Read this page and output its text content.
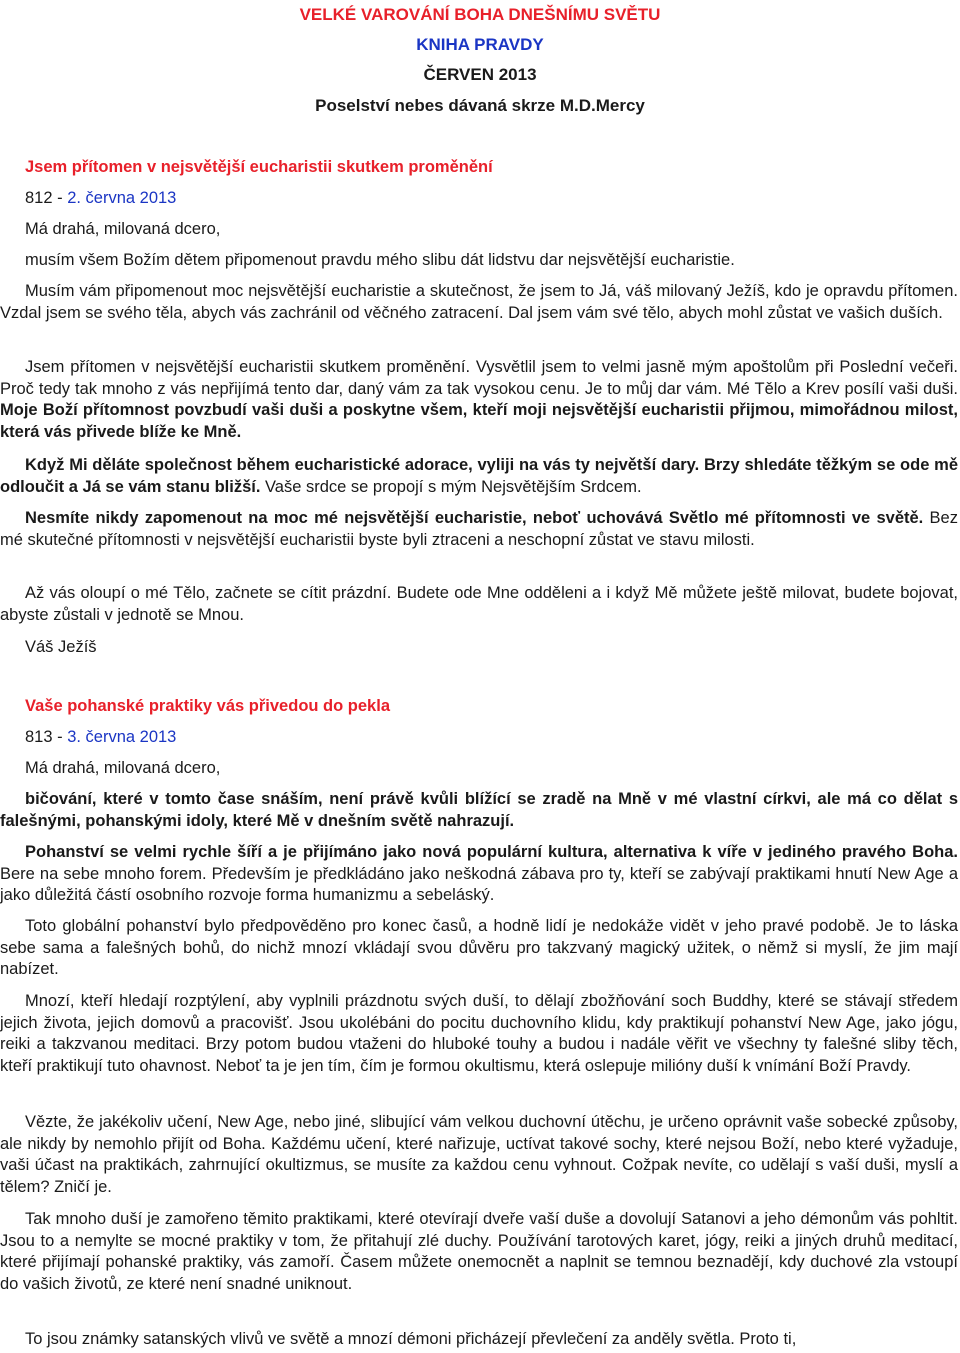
VELKÉ VAROVÁNÍ BOHA DNEŠNÍMU SVĚTU
KNIHA PRAVDY
ČERVEN 2013
Poselství nebes dávaná skrze M.D.Mercy
Jsem přítomen v nejsvětější eucharistii skutkem proměnění
812 - 2. června 2013
Má drahá, milovaná dcero,
musím všem Božím dětem připomenout pravdu mého slibu dát lidstvu dar nejsvětější eucharistie.
Musím vám připomenout moc nejsvětější eucharistie a skutečnost, že jsem to Já, váš milovaný Ježíš, kdo je opravdu přítomen. Vzdal jsem se svého těla, abych vás zachránil od věčného zatracení. Dal jsem vám své tělo, abych mohl zůstat ve vašich duších.
Jsem přítomen v nejsvětější eucharistii skutkem proměnění. Vysvětlil jsem to velmi jasně mým apoštolům při Poslední večeři. Proč tedy tak mnoho z vás nepřijímá tento dar, daný vám za tak vysokou cenu. Je to můj dar vám. Mé Tělo a Krev posílí vaši duši. Moje Boží přítomnost povzbudí vaši duši a poskytne všem, kteří moji nejsvětější eucharistii přijmou, mimořádnou milost, která vás přivede blíže ke Mně.
Když Mi děláte společnost během eucharistické adorace, vyliji na vás ty největší dary. Brzy shledáte těžkým se ode mě odloučit a Já se vám stanu bližší. Vaše srdce se propojí s mým Nejsvětějším Srdcem.
Nesmíte nikdy zapomenout na moc mé nejsvětější eucharistie, neboť uchovává Světlo mé přítomnosti ve světě. Bez mé skutečné přítomnosti v nejsvětější eucharistii byste byli ztraceni a neschopní zůstat ve stavu milosti.
Až vás oloupí o mé Tělo, začnete se cítit prázdní. Budete ode Mne odděleni a i když Mě můžete ještě milovat, budete bojovat, abyste zůstali v jednotě se Mnou.
Váš Ježíš
Vaše pohanské praktiky vás přivedou do pekla
813 - 3. června 2013
Má drahá, milovaná dcero,
bičování, které v tomto čase snáším, není právě kvůli blížící se zradě na Mně v mé vlastní církvi, ale má co dělat s falešnými, pohanskými idoly, které Mě v dnešním světě nahrazují.
Pohanství se velmi rychle šíří a je přijímáno jako nová populární kultura, alternativa k víře v jediného pravého Boha. Bere na sebe mnoho forem. Především je předkládáno jako neškodná zábava pro ty, kteří se zabývají praktikami hnutí New Age a jako důležitá částí osobního rozvoje forma humanizmu a sebeláský.
Toto globální pohanství bylo předpověděno pro konec časů, a hodně lidí je nedokáže vidět v jeho pravé podobě. Je to láska sebe sama a falešných bohů, do nichž mnozí vkládají svou důvěru pro takzvaný magický užitek, o němž si myslí, že jim mají nabízet.
Mnozí, kteří hledají rozptýlení, aby vyplnili prázdnotu svých duší, to dělají zbožňování soch Buddhy, které se stávají středem jejich života, jejich domovů a pracovišť. Jsou ukolébáni do pocitu duchovního klidu, kdy praktikují pohanství New Age, jako jógu, reiki a takzvanou meditaci. Brzy potom budou vtaženi do hluboké touhy a budou i nadále věřit ve všechny ty falešné sliby těch, kteří praktikují tuto ohavnost. Neboť ta je jen tím, čím je formou okultismu, která oslepuje milióny duší k vnímání Boží Pravdy.
Vězte, že jakékoliv učení, New Age, nebo jiné, slibující vám velkou duchovní útěchu, je určeno oprávnit vaše sobecké způsoby, ale nikdy by nemohlo přijít od Boha. Každému učení, které nařizuje, uctívat takové sochy, které nejsou Boží, nebo které vyžaduje, vaši účast na praktikách, zahrnující okultizmus, se musíte za každou cenu vyhnout. Cožpak nevíte, co udělají s vaší duši, myslí a tělem? Zničí je.
Tak mnoho duší je zamořeno těmito praktikami, které otevírají dveře vaší duše a dovolují Satanovi a jeho démonům vás pohltit. Jsou to a nemylte se mocné praktiky v tom, že přitahují zlé duchy. Používání tarotových karet, jógy, reiki a jiných druhů meditací, které přijímají pohanské praktiky, vás zamoří. Časem můžete onemocnět a naplnit se temnou beznadějí, kdy duchové zla vstoupí do vašich životů, ze které není snadné uniknout.
To jsou známky satanských vlivů ve světě a mnozí démoni přicházejí převlečení za anděly světla. Proto ti,
